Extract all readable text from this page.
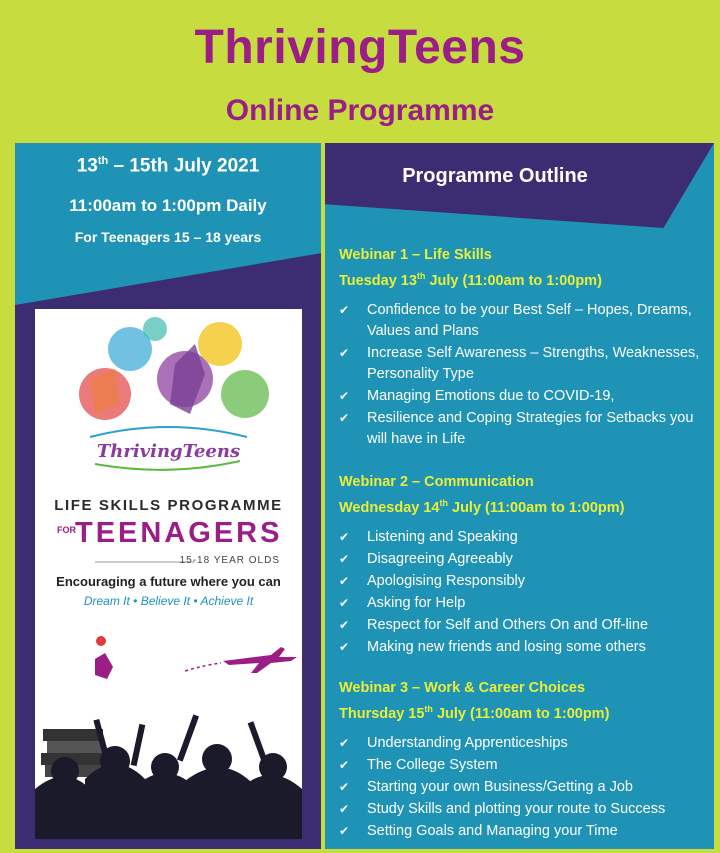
ThrivingTeens
Online Programme
13th – 15th July 2021
11:00am to 1:00pm Daily
For Teenagers 15 – 18 years
ThrivingTeens
LIFE SKILLS PROGRAMME
FOR TEENAGERS
15-18 YEAR OLDS
Encouraging a future where you can
Dream It • Believe It • Achieve It
Programme Outline
Webinar 1 – Life Skills
Tuesday 13th July (11:00am to 1:00pm)
✔ Confidence to be your Best Self – Hopes, Dreams, Values and Plans
✔ Increase Self Awareness – Strengths, Weaknesses, Personality Type
✔ Managing Emotions due to COVID-19,
✔ Resilience and Coping Strategies for Setbacks you will have in Life
Webinar 2 – Communication
Wednesday 14th July (11:00am to 1:00pm)
✔ Listening and Speaking
✔ Disagreeing Agreeably
✔ Apologising Responsibly
✔ Asking for Help
✔ Respect for Self and Others On and Off-line
✔ Making new friends and losing some others
Webinar 3 – Work & Career Choices
Thursday 15th July (11:00am to 1:00pm)
✔ Understanding Apprenticeships
✔ The College System
✔ Starting your own Business/Getting a Job
✔ Study Skills and plotting your route to Success
✔ Setting Goals and Managing your Time
